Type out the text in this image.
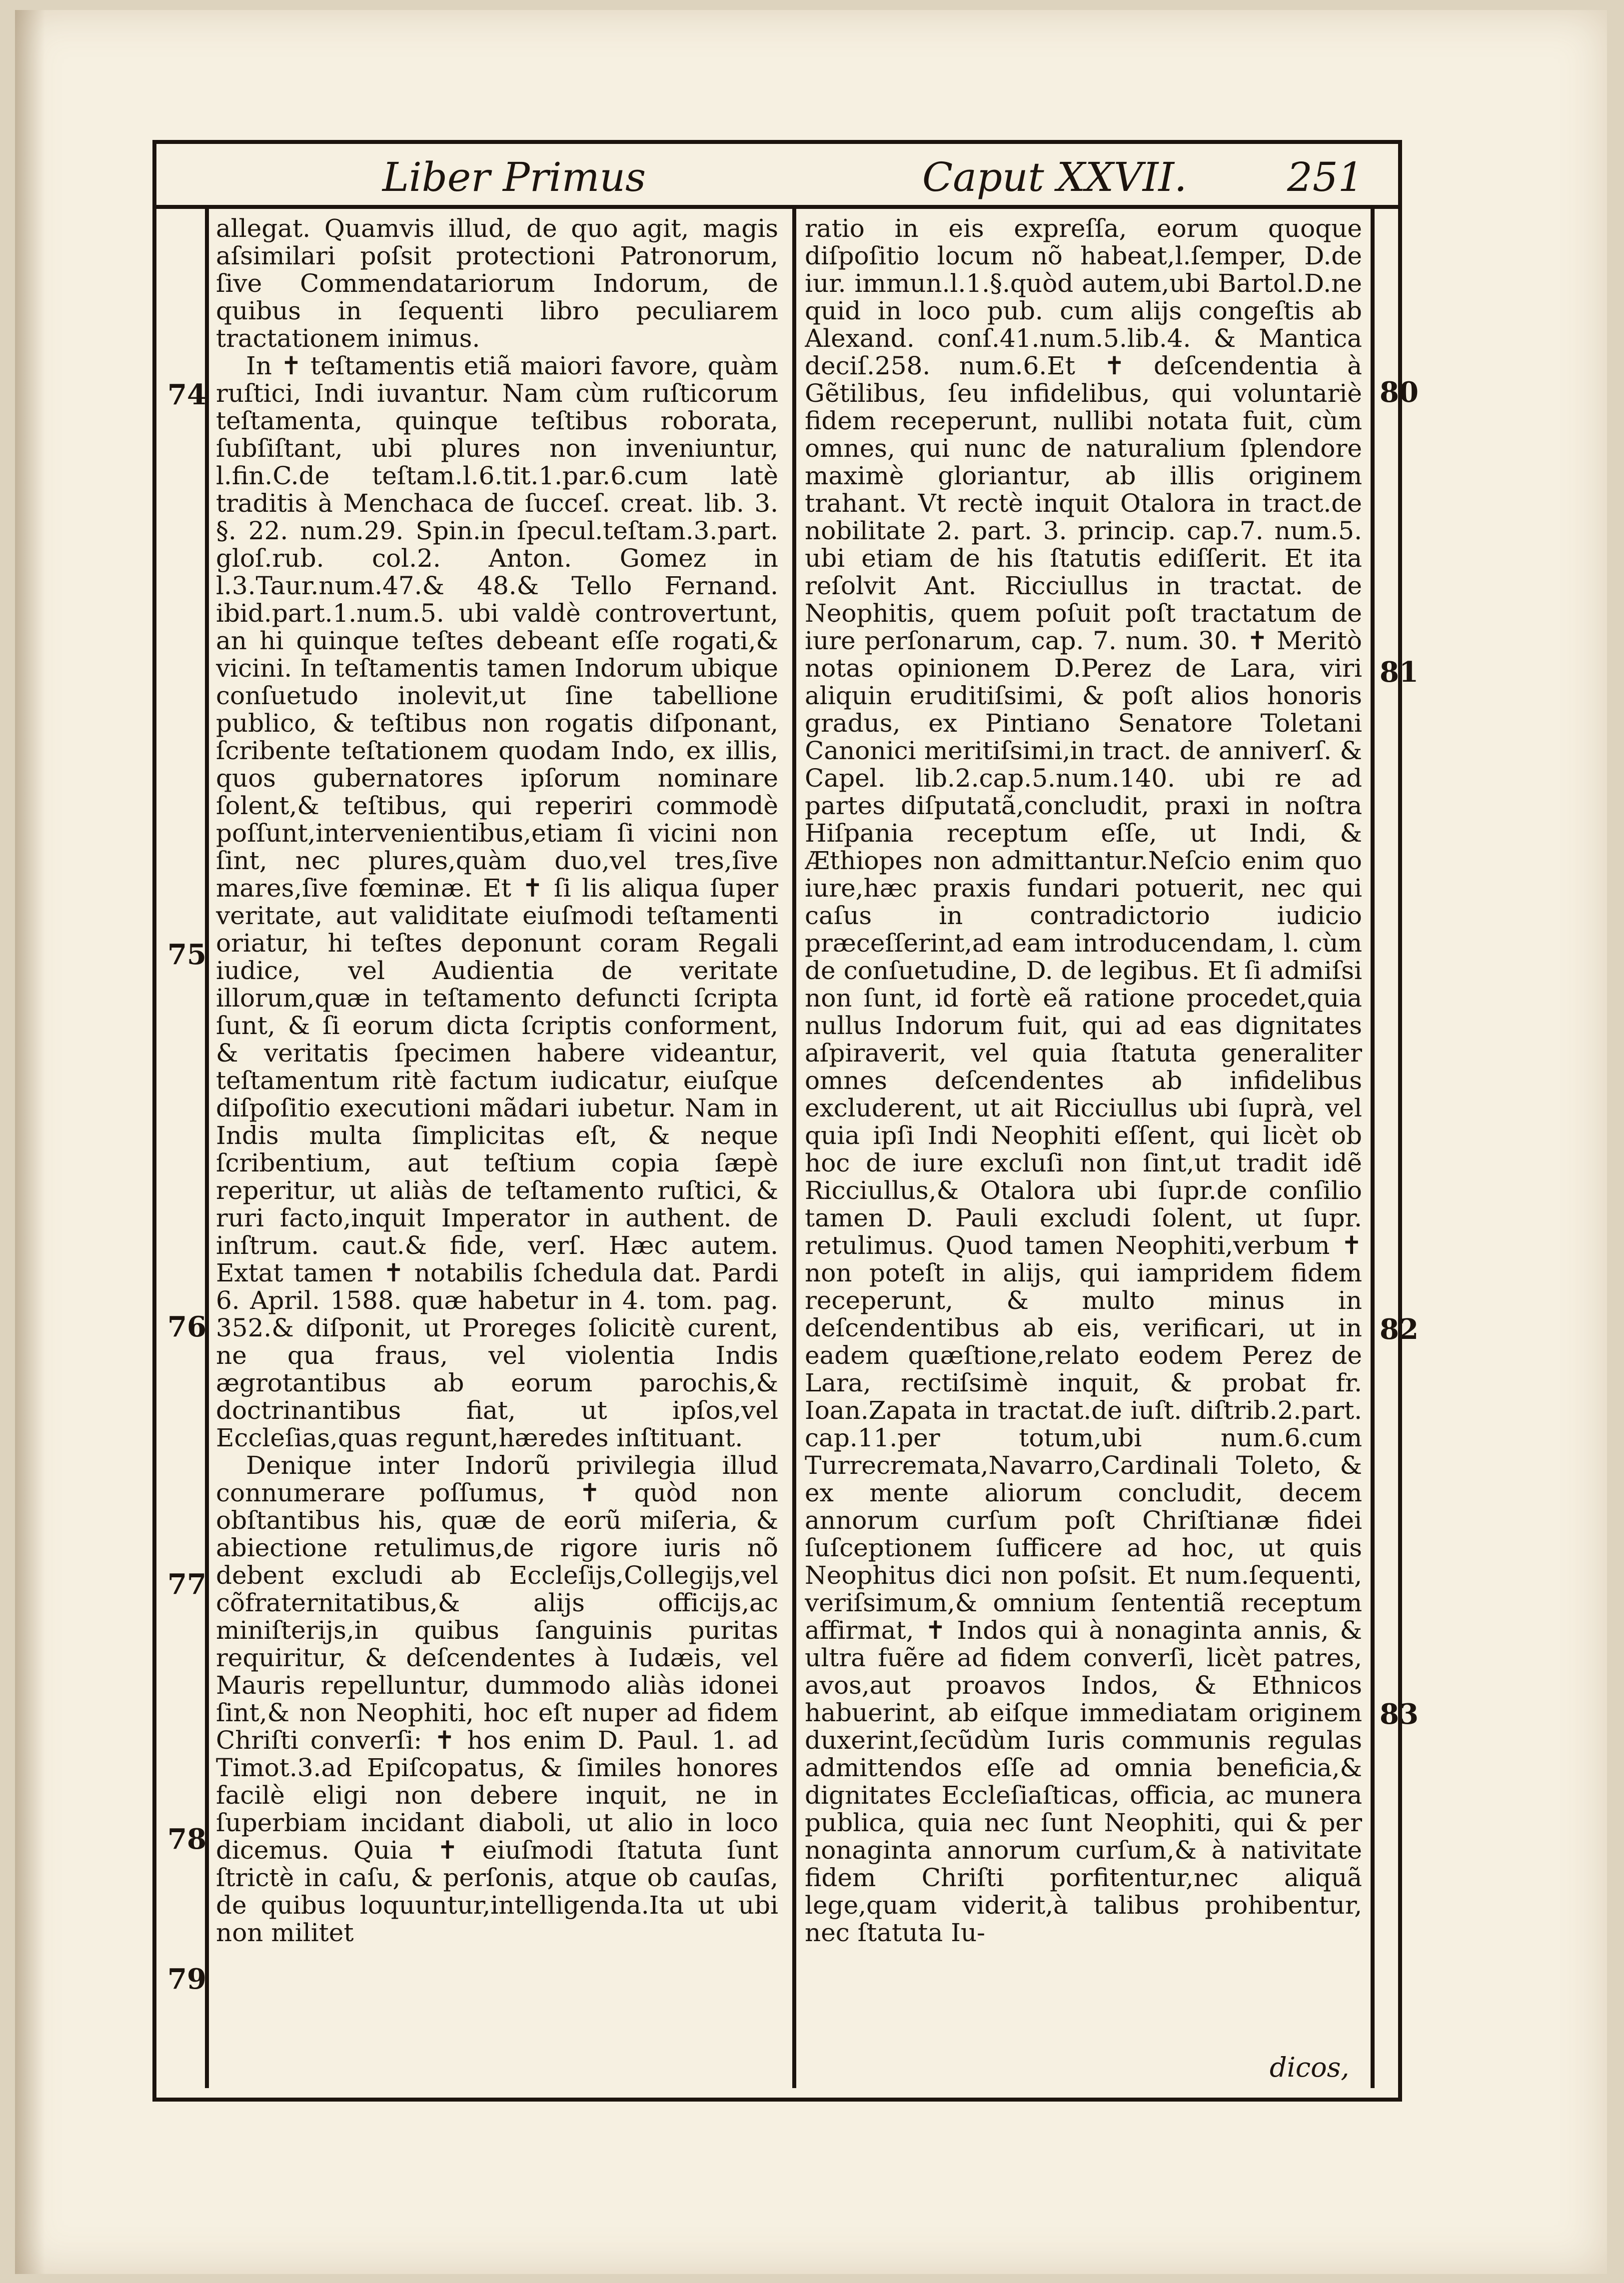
Liber Primus	Caput XXVII.	251

allegat. Quamvis illud, de quo agit, magis aſsimilari poſsit protectioni Patronorum, ſive Commendatariorum Indorum, de quibus in ſequenti libro peculiarem tractationem inimus.

In ✝ teſtamentis etiã maiori favore, quàm ruſtici, Indi iuvantur. Nam cùm ruſticorum teſtamenta, quinque teſtibus roborata, ſubſiſtant, ubi plures non inveniuntur, l.fin.C.de teſtam.l.6.tit.1.par.6.cum latè traditis à Menchaca de ſucceſ. creat. lib. 3. §. 22. num.29. Spin.in ſpecul.teſtam.3.part. gloſ.rub. col.2. Anton. Gomez in l.3.Taur.num.47.& 48.& Tello Fernand. ibid.part.1.num.5. ubi valdè controvertunt, an hi quinque teſtes debeant eſſe rogati,& vicini. In teſtamentis tamen Indorum ubique conſuetudo inolevit,ut ſine tabellione publico, & teſtibus non rogatis diſponant, ſcribente teſtationem quodam Indo, ex illis, quos gubernatores ipſorum nominare ſolent,& teſtibus, qui reperiri commodè poſſunt,intervenientibus,etiam ſi vicini non ſint, nec plures,quàm duo,vel tres,ſive mares,ſive fœminæ. Et ✝ ſi lis aliqua ſuper veritate, aut validitate eiuſmodi teſtamenti oriatur, hi teſtes deponunt coram Regali iudice, vel Audientia de veritate illorum,quæ in teſtamento defuncti ſcripta ſunt, & ſi eorum dicta ſcriptis conforment, & veritatis ſpecimen habere videantur, teſtamentum ritè factum iudicatur, eiuſque diſpoſitio executioni mãdari iubetur. Nam in Indis multa ſimplicitas eſt, & neque ſcribentium, aut teſtium copia ſæpè reperitur, ut aliàs de teſtamento ruſtici, & ruri facto,inquit Imperator in authent. de inſtrum. caut.& fide, verſ. Hæc autem. Extat tamen ✝ notabilis ſchedula dat. Pardi 6. April. 1588. quæ habetur in 4. tom. pag. 352.& diſponit, ut Proreges ſolicitè curent, ne qua fraus, vel violentia Indis ægrotantibus ab eorum parochis,& doctrinantibus fiat, ut ipſos,vel Eccleſias,quas regunt,hæredes inſtituant.

Denique inter Indorũ privilegia illud connumerare poſſumus, ✝ quòd non obſtantibus his, quæ de eorũ miſeria, & abiectione retulimus,de rigore iuris nõ debent excludi ab Eccleſijs,Collegijs,vel cõfraternitatibus,& alijs officijs,ac miniſterijs,in quibus ſanguinis puritas requiritur, & deſcendentes à Iudæis, vel Mauris repelluntur, dummodo aliàs idonei ſint,& non Neophiti, hoc eſt nuper ad fidem Chriſti converſi: ✝ hos enim D. Paul. 1. ad Timot.3.ad Epiſcopatus, & ſimiles honores facilè eligi non debere inquit, ne in ſuperbiam incidant diaboli, ut alio in loco dicemus. Quia ✝ eiuſmodi ſtatuta ſunt ſtrictè in caſu, & perſonis, atque ob cauſas, de quibus loquuntur,intelligenda.Ita ut ubi non militet

ratio in eis expreſſa, eorum quoque diſpoſitio locum nõ habeat,l.ſemper, D.de iur. immun.l.1.§.quòd autem,ubi Bartol.D.ne quid in loco pub. cum alijs congeſtis ab Alexand. conſ.41.num.5.lib.4. & Mantica deciſ.258. num.6.Et ✝ deſcendentia à Gẽtilibus, ſeu infidelibus, qui voluntariè fidem receperunt, nullibi notata fuit, cùm omnes, qui nunc de naturalium ſplendore maximè gloriantur, ab illis originem trahant. Vt rectè inquit Otalora in tract.de nobilitate 2. part. 3. princip. cap.7. num.5. ubi etiam de his ſtatutis ediſſerit. Et ita reſolvit Ant. Ricciullus in tractat. de Neophitis, quem poſuit poſt tractatum de iure perſonarum, cap. 7. num. 30. ✝ Meritò notas opinionem D.Perez de Lara, viri aliquin eruditiſsimi, & poſt alios honoris gradus, ex Pintiano Senatore Toletani Canonici meritiſsimi,in tract. de anniverſ. & Capel. lib.2.cap.5.num.140. ubi re ad partes diſputatã,concludit, praxi in noſtra Hiſpania receptum eſſe, ut Indi, & Æthiopes non admittantur.Neſcio enim quo iure,hæc praxis fundari potuerit, nec qui caſus in contradictorio iudicio præceſſerint,ad eam introducendam, l. cùm de conſuetudine, D. de legibus. Et ſi admiſsi non ſunt, id fortè eã ratione procedet,quia nullus Indorum fuit, qui ad eas dignitates aſpiraverit, vel quia ſtatuta generaliter omnes deſcendentes ab infidelibus excluderent, ut ait Ricciullus ubi ſuprà, vel quia ipſi Indi Neophiti eſſent, qui licèt ob hoc de iure excluſi non ſint,ut tradit idẽ Ricciullus,& Otalora ubi ſupr.de conſilio tamen D. Pauli excludi ſolent, ut ſupr. retulimus. Quod tamen Neophiti,verbum ✝ non poteſt in alijs, qui iampridem fidem receperunt, & multo minus in deſcendentibus ab eis, verificari, ut in eadem quæſtione,relato eodem Perez de Lara, rectiſsimè inquit, & probat fr. Ioan.Zapata in tractat.de iuſt. diſtrib.2.part. cap.11.per totum,ubi num.6.cum Turrecremata,Navarro,Cardinali Toleto, & ex mente aliorum concludit, decem annorum curſum poſt Chriſtianæ fidei ſuſceptionem ſufficere ad hoc, ut quis Neophitus dici non poſsit. Et num.ſequenti, veriſsimum,& omnium ſententiã receptum affirmat, ✝ Indos qui à nonaginta annis, & ultra fuẽre ad fidem converſi, licèt patres, avos,aut proavos Indos, & Ethnicos habuerint, ab eiſque immediatam originem duxerint,ſecũdùm Iuris communis regulas admittendos eſſe ad omnia beneficia,& dignitates Eccleſiaſticas, officia, ac munera publica, quia nec ſunt Neophiti, qui & per nonaginta annorum curſum,& à nativitate fidem Chriſti porfitentur,nec aliquã lege,quam viderit,à talibus prohibentur, nec ſtatuta Iu-

74
75
76
77
78
79
80
81
82
83
dicos,
